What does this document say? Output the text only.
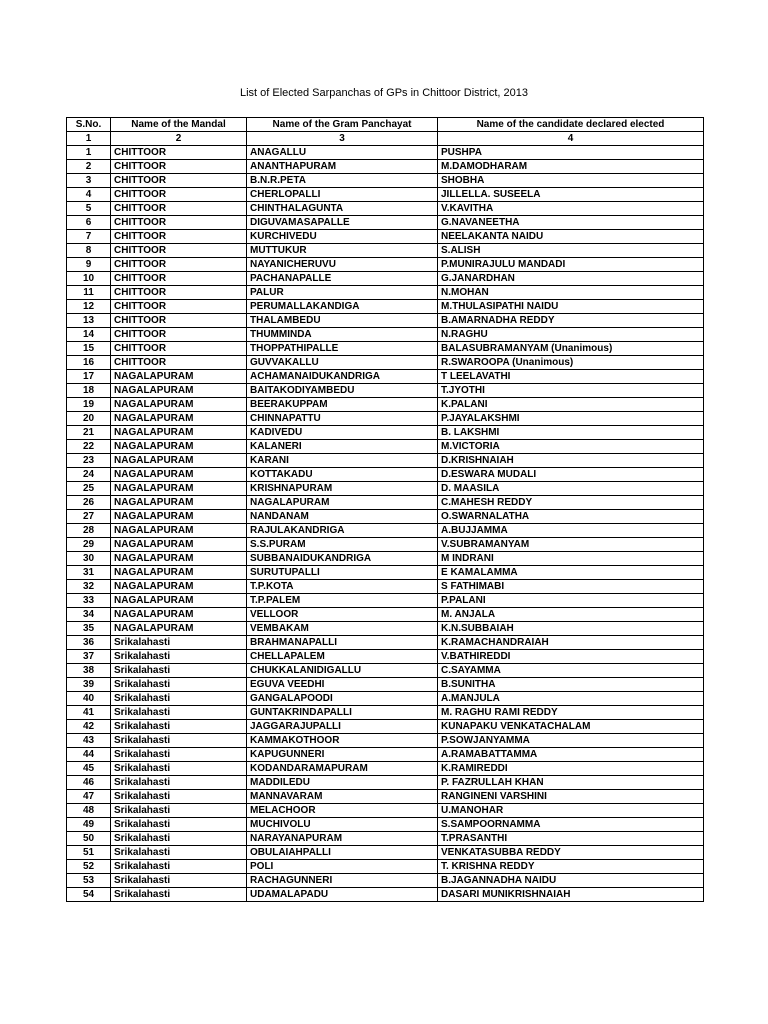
List of Elected Sarpanchas of GPs in Chittoor District, 2013
S.No.	Name of the Mandal	Name of the Gram Panchayat	Name of the candidate declared elected
1	2	3	4
1	CHITTOOR	ANAGALLU	PUSHPA
2	CHITTOOR	ANANTHAPURAM	M.DAMODHARAM
3	CHITTOOR	B.N.R.PETA	SHOBHA
4	CHITTOOR	CHERLOPALLI	JILLELLA. SUSEELA
5	CHITTOOR	CHINTHALAGUNTA	V.KAVITHA
6	CHITTOOR	DIGUVAMASAPALLE	G.NAVANEETHA
7	CHITTOOR	KURCHIVEDU	NEELAKANTA NAIDU
8	CHITTOOR	MUTTUKUR	S.ALISH
9	CHITTOOR	NAYANICHERUVU	P.MUNIRAJULU MANDADI
10	CHITTOOR	PACHANAPALLE	G.JANARDHAN
11	CHITTOOR	PALUR	N.MOHAN
12	CHITTOOR	PERUMALLAKANDIGA	M.THULASIPATHI NAIDU
13	CHITTOOR	THALAMBEDU	B.AMARNADHA REDDY
14	CHITTOOR	THUMMINDA	N.RAGHU
15	CHITTOOR	THOPPATHIPALLE	BALASUBRAMANYAM (Unanimous)
16	CHITTOOR	GUVVAKALLU	R.SWAROOPA (Unanimous)
17	NAGALAPURAM	ACHAMANAIDUKANDRIGA	T LEELAVATHI
18	NAGALAPURAM	BAITAKODIYAMBEDU	T.JYOTHI
19	NAGALAPURAM	BEERAKUPPAM	K.PALANI
20	NAGALAPURAM	CHINNAPATTU	P.JAYALAKSHMI
21	NAGALAPURAM	KADIVEDU	B. LAKSHMI
22	NAGALAPURAM	KALANERI	M.VICTORIA
23	NAGALAPURAM	KARANI	D.KRISHNAIAH
24	NAGALAPURAM	KOTTAKADU	D.ESWARA MUDALI
25	NAGALAPURAM	KRISHNAPURAM	D. MAASILA
26	NAGALAPURAM	NAGALAPURAM	C.MAHESH REDDY
27	NAGALAPURAM	NANDANAM	O.SWARNALATHA
28	NAGALAPURAM	RAJULAKANDRIGA	A.BUJJAMMA
29	NAGALAPURAM	S.S.PURAM	V.SUBRAMANYAM
30	NAGALAPURAM	SUBBANAIDUKANDRIGA	M INDRANI
31	NAGALAPURAM	SURUTUPALLI	E KAMALAMMA
32	NAGALAPURAM	T.P.KOTA	S FATHIMABI
33	NAGALAPURAM	T.P.PALEM	P.PALANI
34	NAGALAPURAM	VELLOOR	M. ANJALA
35	NAGALAPURAM	VEMBAKAM	K.N.SUBBAIAH
36	Srikalahasti	BRAHMANAPALLI	K.RAMACHANDRAIAH
37	Srikalahasti	CHELLAPALEM	V.BATHIREDDI
38	Srikalahasti	CHUKKALANIDIGALLU	C.SAYAMMA
39	Srikalahasti	EGUVA VEEDHI	B.SUNITHA
40	Srikalahasti	GANGALAPOODI	A.MANJULA
41	Srikalahasti	GUNTAKRINDAPALLI	M. RAGHU RAMI REDDY
42	Srikalahasti	JAGGARAJUPALLI	KUNAPAKU VENKATACHALAM
43	Srikalahasti	KAMMAKOTHOOR	P.SOWJANYAMMA
44	Srikalahasti	KAPUGUNNERI	A.RAMABATTAMMA
45	Srikalahasti	KODANDARAMAPURAM	K.RAMIREDDI
46	Srikalahasti	MADDILEDU	P. FAZRULLAH KHAN
47	Srikalahasti	MANNAVARAM	RANGINENI VARSHINI
48	Srikalahasti	MELACHOOR	U.MANOHAR
49	Srikalahasti	MUCHIVOLU	S.SAMPOORNAMMA
50	Srikalahasti	NARAYANAPURAM	T.PRASANTHI
51	Srikalahasti	OBULAIAHPALLI	VENKATASUBBA REDDY
52	Srikalahasti	POLI	T. KRISHNA REDDY
53	Srikalahasti	RACHAGUNNERI	B.JAGANNADHA NAIDU
54	Srikalahasti	UDAMALAPADU	DASARI MUNIKRISHNAIAH
